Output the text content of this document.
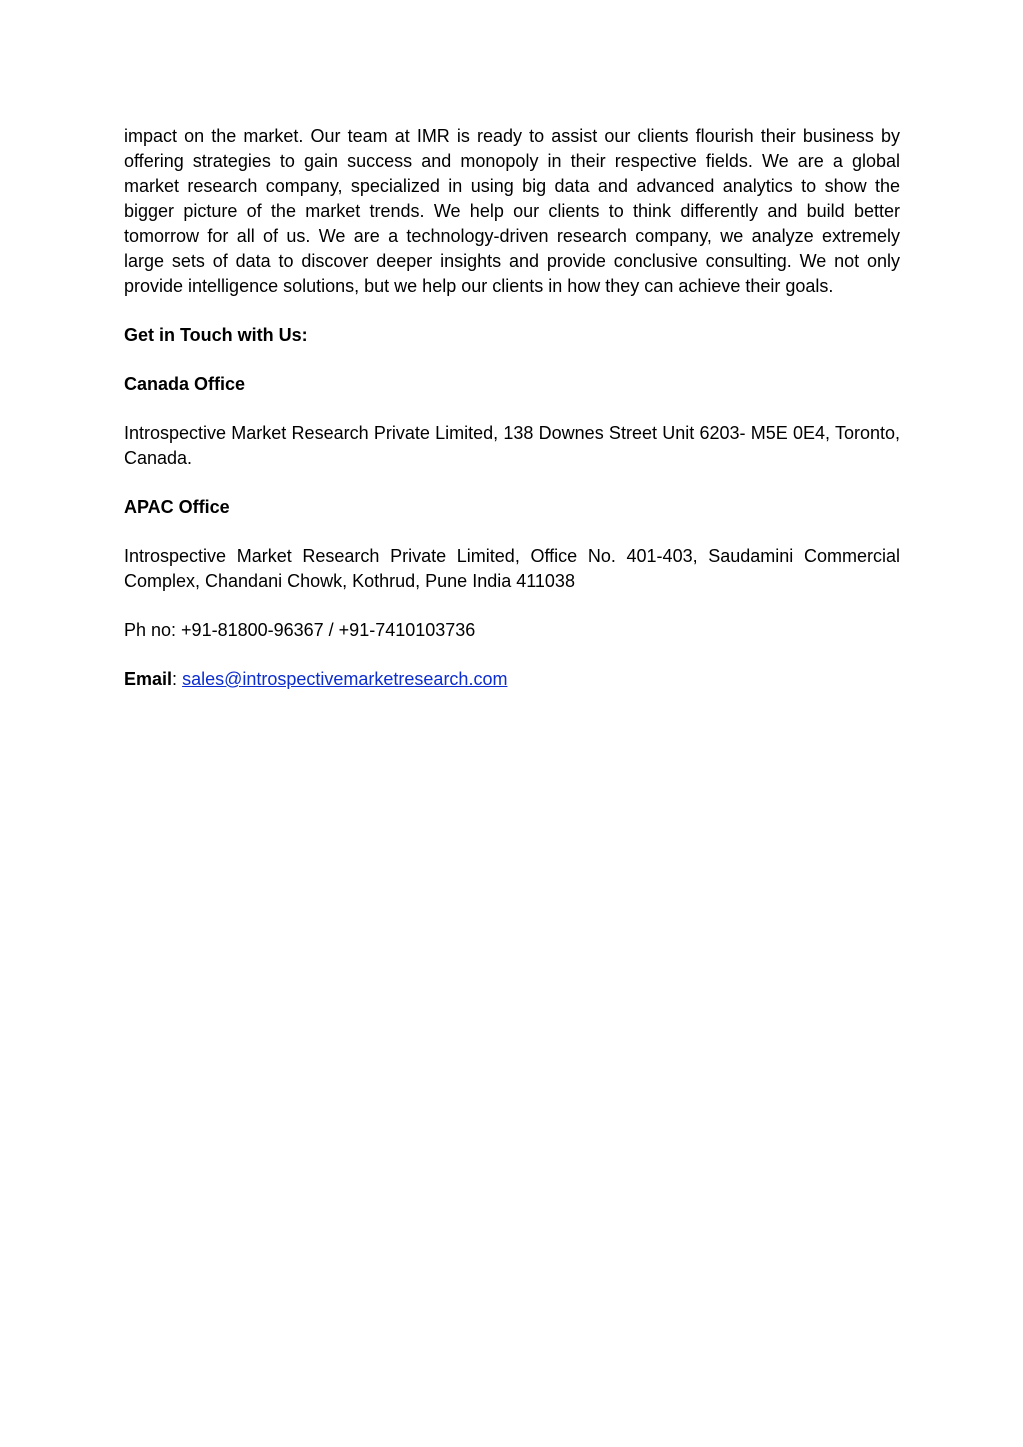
impact on the market. Our team at IMR is ready to assist our clients flourish their business by offering strategies to gain success and monopoly in their respective fields. We are a global market research company, specialized in using big data and advanced analytics to show the bigger picture of the market trends. We help our clients to think differently and build better tomorrow for all of us. We are a technology-driven research company, we analyze extremely large sets of data to discover deeper insights and provide conclusive consulting. We not only provide intelligence solutions, but we help our clients in how they can achieve their goals.

Get in Touch with Us:

Canada Office

Introspective Market Research Private Limited, 138 Downes Street Unit 6203- M5E 0E4, Toronto, Canada.

APAC Office

Introspective Market Research Private Limited, Office No. 401-403, Saudamini Commercial Complex, Chandani Chowk, Kothrud, Pune India 411038

Ph no: +91-81800-96367 / +91-7410103736

Email: sales@introspectivemarketresearch.com
